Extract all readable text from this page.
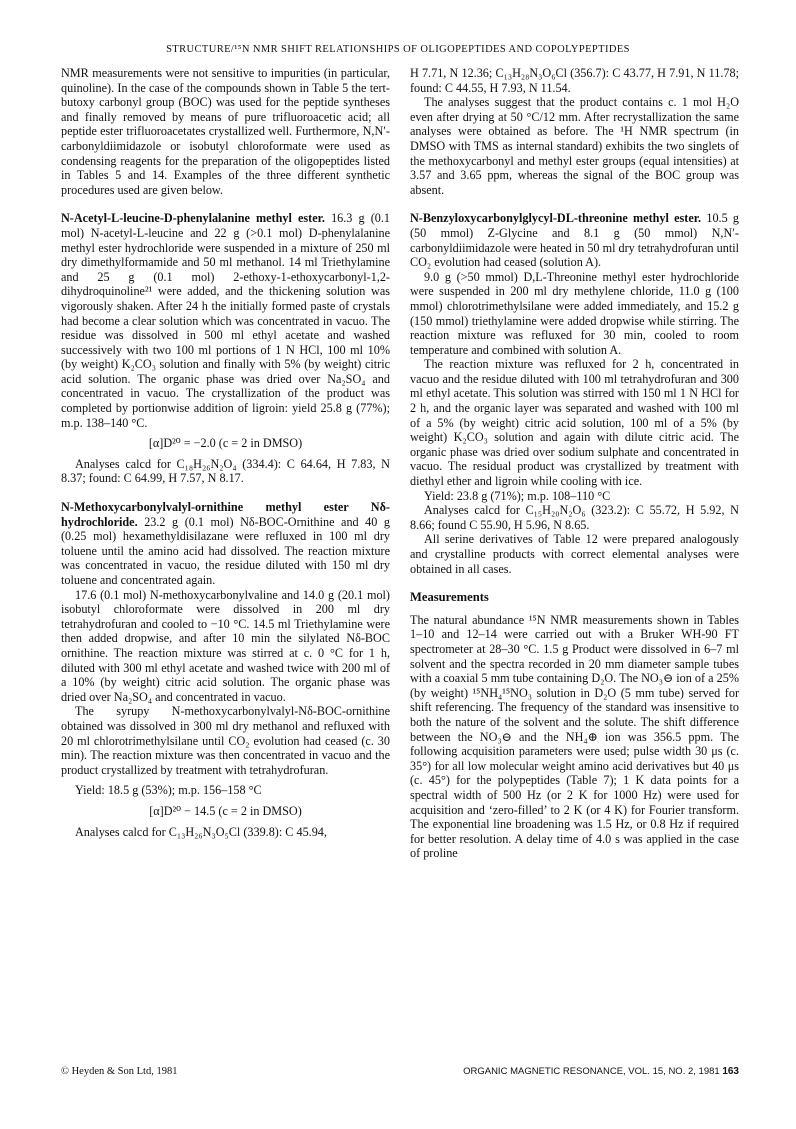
STRUCTURE/¹⁵N NMR SHIFT RELATIONSHIPS OF OLIGOPEPTIDES AND COPOLYPEPTIDES

NMR measurements were not sensitive to impurities (in particular, quinoline). In the case of the compounds shown in Table 5 the tert-butoxy carbonyl group (BOC) was used for the peptide syntheses and finally removed by means of pure trifluoroacetic acid; all peptide ester trifluoroacetates crystallized well. Furthermore, N,N′-carbonyldiimidazole or isobutyl chloroformate were used as condensing reagents for the preparation of the oligopeptides listed in Tables 5 and 14. Examples of the three different synthetic procedures used are given below.

N-Acetyl-L-leucine-D-phenylalanine methyl ester. 16.3 g (0.1 mol) N-acetyl-L-leucine and 22 g (>0.1 mol) D-phenylalanine methyl ester hydrochloride were suspended in a mixture of 250 ml dry dimethylformamide and 50 ml methanol. 14 ml Triethylamine and 25 g (0.1 mol) 2-ethoxy-1-ethoxycarbonyl-1,2-dihydroquinoline²¹ were added, and the thickening solution was vigorously shaken. After 24 h the initially formed paste of crystals had become a clear solution which was concentrated in vacuo. The residue was dissolved in 500 ml ethyl acetate and washed successively with two 100 ml portions of 1 N HCl, 100 ml 10% (by weight) K₂CO₃ solution and finally with 5% (by weight) citric acid solution. The organic phase was dried over Na₂SO₄ and concentrated in vacuo. The crystallization of the product was completed by portionwise addition of ligroin: yield 25.8 g (77%); m.p. 138–140 °C.

[α]D²⁰ = −2.0 (c = 2 in DMSO)

Analyses calcd for C₁₈H₂₆N₂O₄ (334.4): C 64.64, H 7.83, N 8.37; found: C 64.99, H 7.57, N 8.17.

N-Methoxycarbonylvalyl-ornithine methyl ester Nδ-hydrochloride. 23.2 g (0.1 mol) Nδ-BOC-Ornithine and 40 g (0.25 mol) hexamethyldisilazane were refluxed in 100 ml dry toluene until the amino acid had dissolved. The reaction mixture was concentrated in vacuo, the residue diluted with 150 ml dry toluene and concentrated again.

17.6 (0.1 mol) N-methoxycarbonylvaline and 14.0 g (20.1 mol) isobutyl chloroformate were dissolved in 200 ml dry tetrahydrofuran and cooled to −10 °C. 14.5 ml Triethylamine were then added dropwise, and after 10 min the silylated Nδ-BOC ornithine. The reaction mixture was stirred at c. 0 °C for 1 h, diluted with 300 ml ethyl acetate and washed twice with 200 ml of a 10% (by weight) citric acid solution. The organic phase was dried over Na₂SO₄ and concentrated in vacuo.

The syrupy N-methoxycarbonylvalyl-Nδ-BOC-ornithine obtained was dissolved in 300 ml dry methanol and refluxed with 20 ml chlorotrimethylsilane until CO₂ evolution had ceased (c. 30 min). The reaction mixture was then concentrated in vacuo and the product crystallized by treatment with tetrahydrofuran.

Yield: 18.5 g (53%); m.p. 156–158 °C

[α]D²⁰ − 14.5 (c = 2 in DMSO)

Analyses calcd for C₁₃H₂₆N₃O₅Cl (339.8): C 45.94,

H 7.71, N 12.36; C₁₃H₂₈N₃O₆Cl (356.7): C 43.77, H 7.91, N 11.78; found: C 44.55, H 7.93, N 11.54.

The analyses suggest that the product contains c. 1 mol H₂O even after drying at 50 °C/12 mm. After recrystallization the same analyses were obtained as before. The ¹H NMR spectrum (in DMSO with TMS as internal standard) exhibits the two singlets of the methoxycarbonyl and methyl ester groups (equal intensities) at 3.57 and 3.65 ppm, whereas the signal of the BOC group was absent.

N-Benzyloxycarbonylglycyl-DL-threonine methyl ester. 10.5 g (50 mmol) Z-Glycine and 8.1 g (50 mmol) N,N′-carbonyldiimidazole were heated in 50 ml dry tetrahydrofuran until CO₂ evolution had ceased (solution A).

9.0 g (>50 mmol) D,L-Threonine methyl ester hydrochloride were suspended in 200 ml dry methylene chloride, 11.0 g (100 mmol) chlorotrimethylsilane were added immediately, and 15.2 g (150 mmol) triethylamine were added dropwise while stirring. The reaction mixture was refluxed for 30 min, cooled to room temperature and combined with solution A.

The reaction mixture was refluxed for 2 h, concentrated in vacuo and the residue diluted with 100 ml tetrahydrofuran and 300 ml ethyl acetate. This solution was stirred with 150 ml 1 N HCl for 2 h, and the organic layer was separated and washed with 100 ml of a 5% (by weight) citric acid solution, 100 ml of a 5% (by weight) K₂CO₃ solution and again with dilute citric acid. The organic phase was dried over sodium sulphate and concentrated in vacuo. The residual product was crystallized by treatment with diethyl ether and ligroin while cooling with ice.

Yield: 23.8 g (71%); m.p. 108–110 °C

Analyses calcd for C₁₅H₂₀N₂O₆ (323.2): C 55.72, H 5.92, N 8.66; found C 55.90, H 5.96, N 8.65.

All serine derivatives of Table 12 were prepared analogously and crystalline products with correct elemental analyses were obtained in all cases.

Measurements

The natural abundance ¹⁵N NMR measurements shown in Tables 1–10 and 12–14 were carried out with a Bruker WH-90 FT spectrometer at 28–30 °C. 1.5 g Product were dissolved in 6–7 ml solvent and the spectra recorded in 20 mm diameter sample tubes with a coaxial 5 mm tube containing D₂O. The NO₃⊖ ion of a 25% (by weight) ¹⁵NH₄¹⁵NO₃ solution in D₂O (5 mm tube) served for shift referencing. The frequency of the standard was insensitive to both the nature of the solvent and the solute. The shift difference between the NO₃⊖ and the NH₄⊕ ion was 356.5 ppm. The following acquisition parameters were used; pulse width 30 μs (c. 35°) for all low molecular weight amino acid derivatives but 40 μs (c. 45°) for the polypeptides (Table 7); 1 K data points for a spectral width of 500 Hz (or 2 K for 1000 Hz) were used for acquisition and ‘zero-filled’ to 2 K (or 4 K) for Fourier transform. The exponential line broadening was 1.5 Hz, or 0.8 Hz if required for better resolution. A delay time of 4.0 s was applied in the case of proline

© Heyden & Son Ltd, 1981	ORGANIC MAGNETIC RESONANCE, VOL. 15, NO. 2, 1981 163
